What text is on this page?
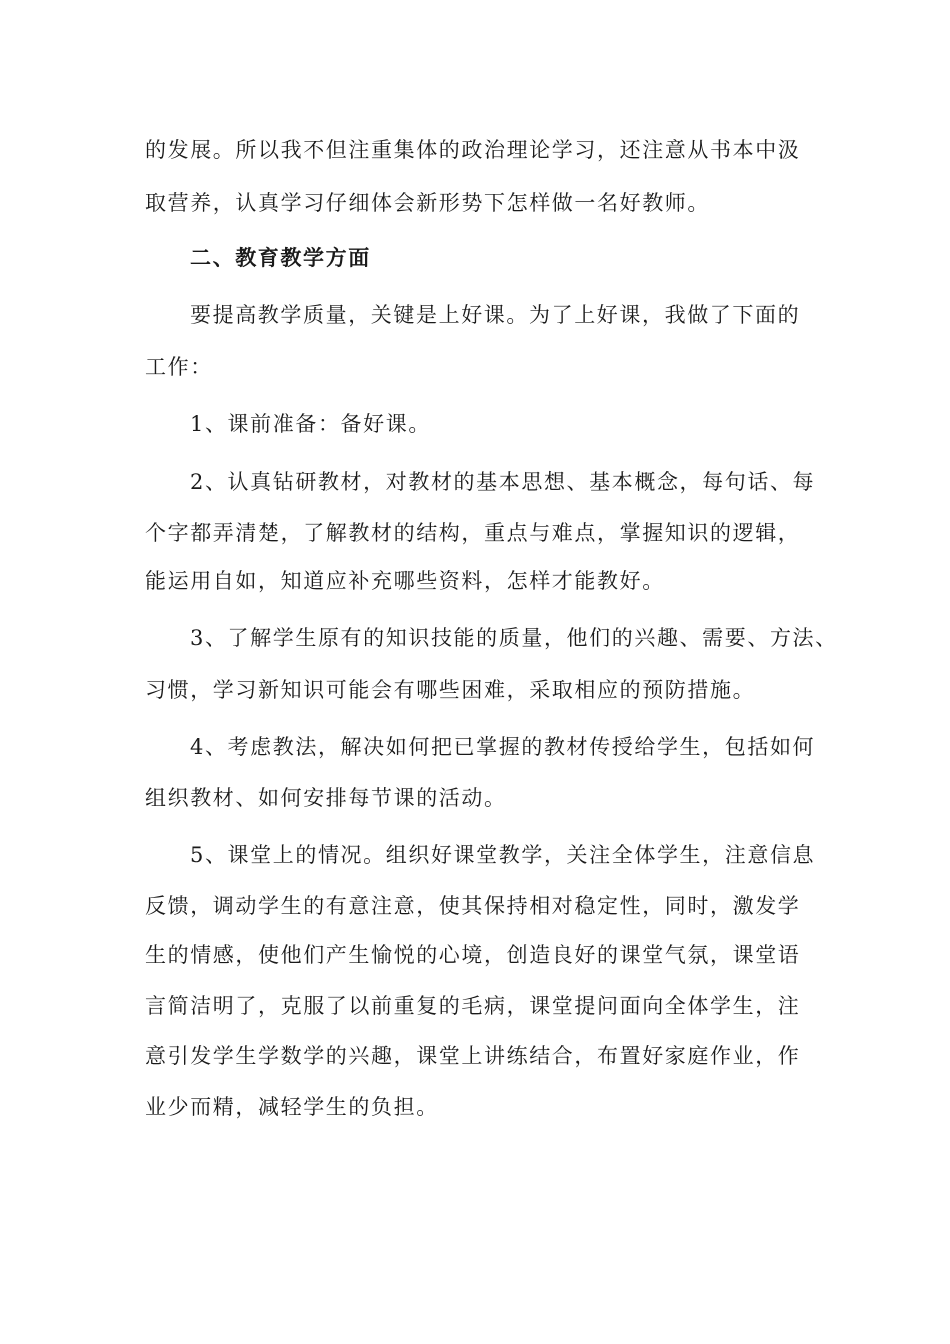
的发展。所以我不但注重集体的政治理论学习，还注意从书本中汲
取营养，认真学习仔细体会新形势下怎样做一名好教师。
二、教育教学方面
要提高教学质量，关键是上好课。为了上好课，我做了下面的
工作：
1、课前准备：备好课。
2、认真钻研教材，对教材的基本思想、基本概念，每句话、每
个字都弄清楚，了解教材的结构，重点与难点，掌握知识的逻辑，
能运用自如，知道应补充哪些资料，怎样才能教好。
3、了解学生原有的知识技能的质量，他们的兴趣、需要、方法、
习惯，学习新知识可能会有哪些困难，采取相应的预防措施。
4、考虑教法，解决如何把已掌握的教材传授给学生，包括如何
组织教材、如何安排每节课的活动。
5、课堂上的情况。组织好课堂教学，关注全体学生，注意信息
反馈，调动学生的有意注意，使其保持相对稳定性，同时，激发学
生的情感，使他们产生愉悦的心境，创造良好的课堂气氛，课堂语
言简洁明了，克服了以前重复的毛病，课堂提问面向全体学生，注
意引发学生学数学的兴趣，课堂上讲练结合，布置好家庭作业，作
业少而精，减轻学生的负担。
